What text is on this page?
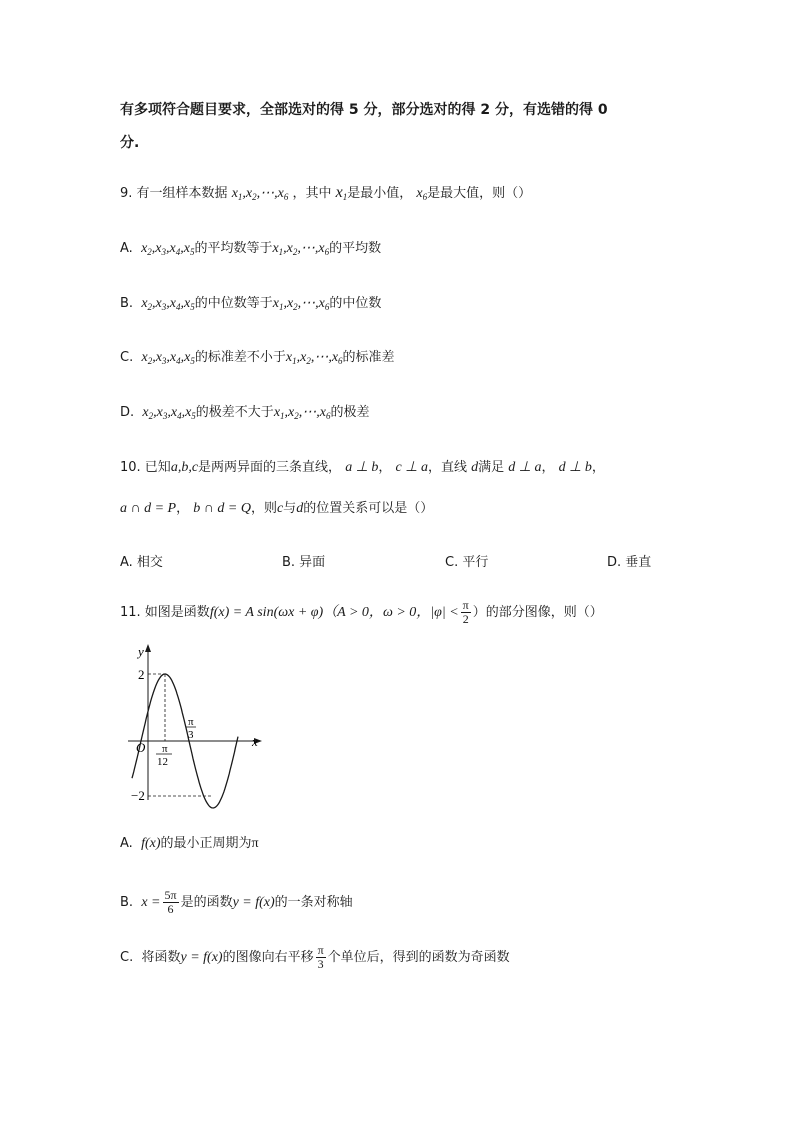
有多项符合题目要求，全部选对的得 5 分，部分选对的得 2 分，有选错的得 0
分.
9. 有一组样本数据 $x_1,x_2,\cdots,x_6$ ，其中 $x_1$是最小值， $x_6$是最大值，则（）
A. $x_2,x_3,x_4,x_5$的平均数等于$x_1,x_2,\cdots,x_6$的平均数
B. $x_2,x_3,x_4,x_5$的中位数等于$x_1,x_2,\cdots,x_6$的中位数
C. $x_2,x_3,x_4,x_5$的标准差不小于$x_1,x_2,\cdots,x_6$的标准差
D. $x_2,x_3,x_4,x_5$的极差不大于$x_1,x_2,\cdots,x_6$的极差
10. 已知a,b,c是两两异面的三条直线， a ⊥ b， c ⊥ a，直线 d满足 d ⊥ a， d ⊥ b，
a ∩ d = P， b ∩ d = Q，则c与d的位置关系可以是（）
A. 相交	B. 异面	C. 平行	D. 垂直
11. 如图是函数f(x) = A sin(ωx + φ)（A > 0，ω > 0，$|\varphi| < \frac{\pi}{2}$ ）的部分图像，则（）
y
x
O
2
−2
π
12
π
3
A. f(x)的最小正周期为π
B. $x = \frac{5\pi}{6}$ 是的函数y = f(x)的一条对称轴
C. 将函数y = f(x)的图像向右平移 $\frac{\pi}{3}$ 个单位后，得到的函数为奇函数
